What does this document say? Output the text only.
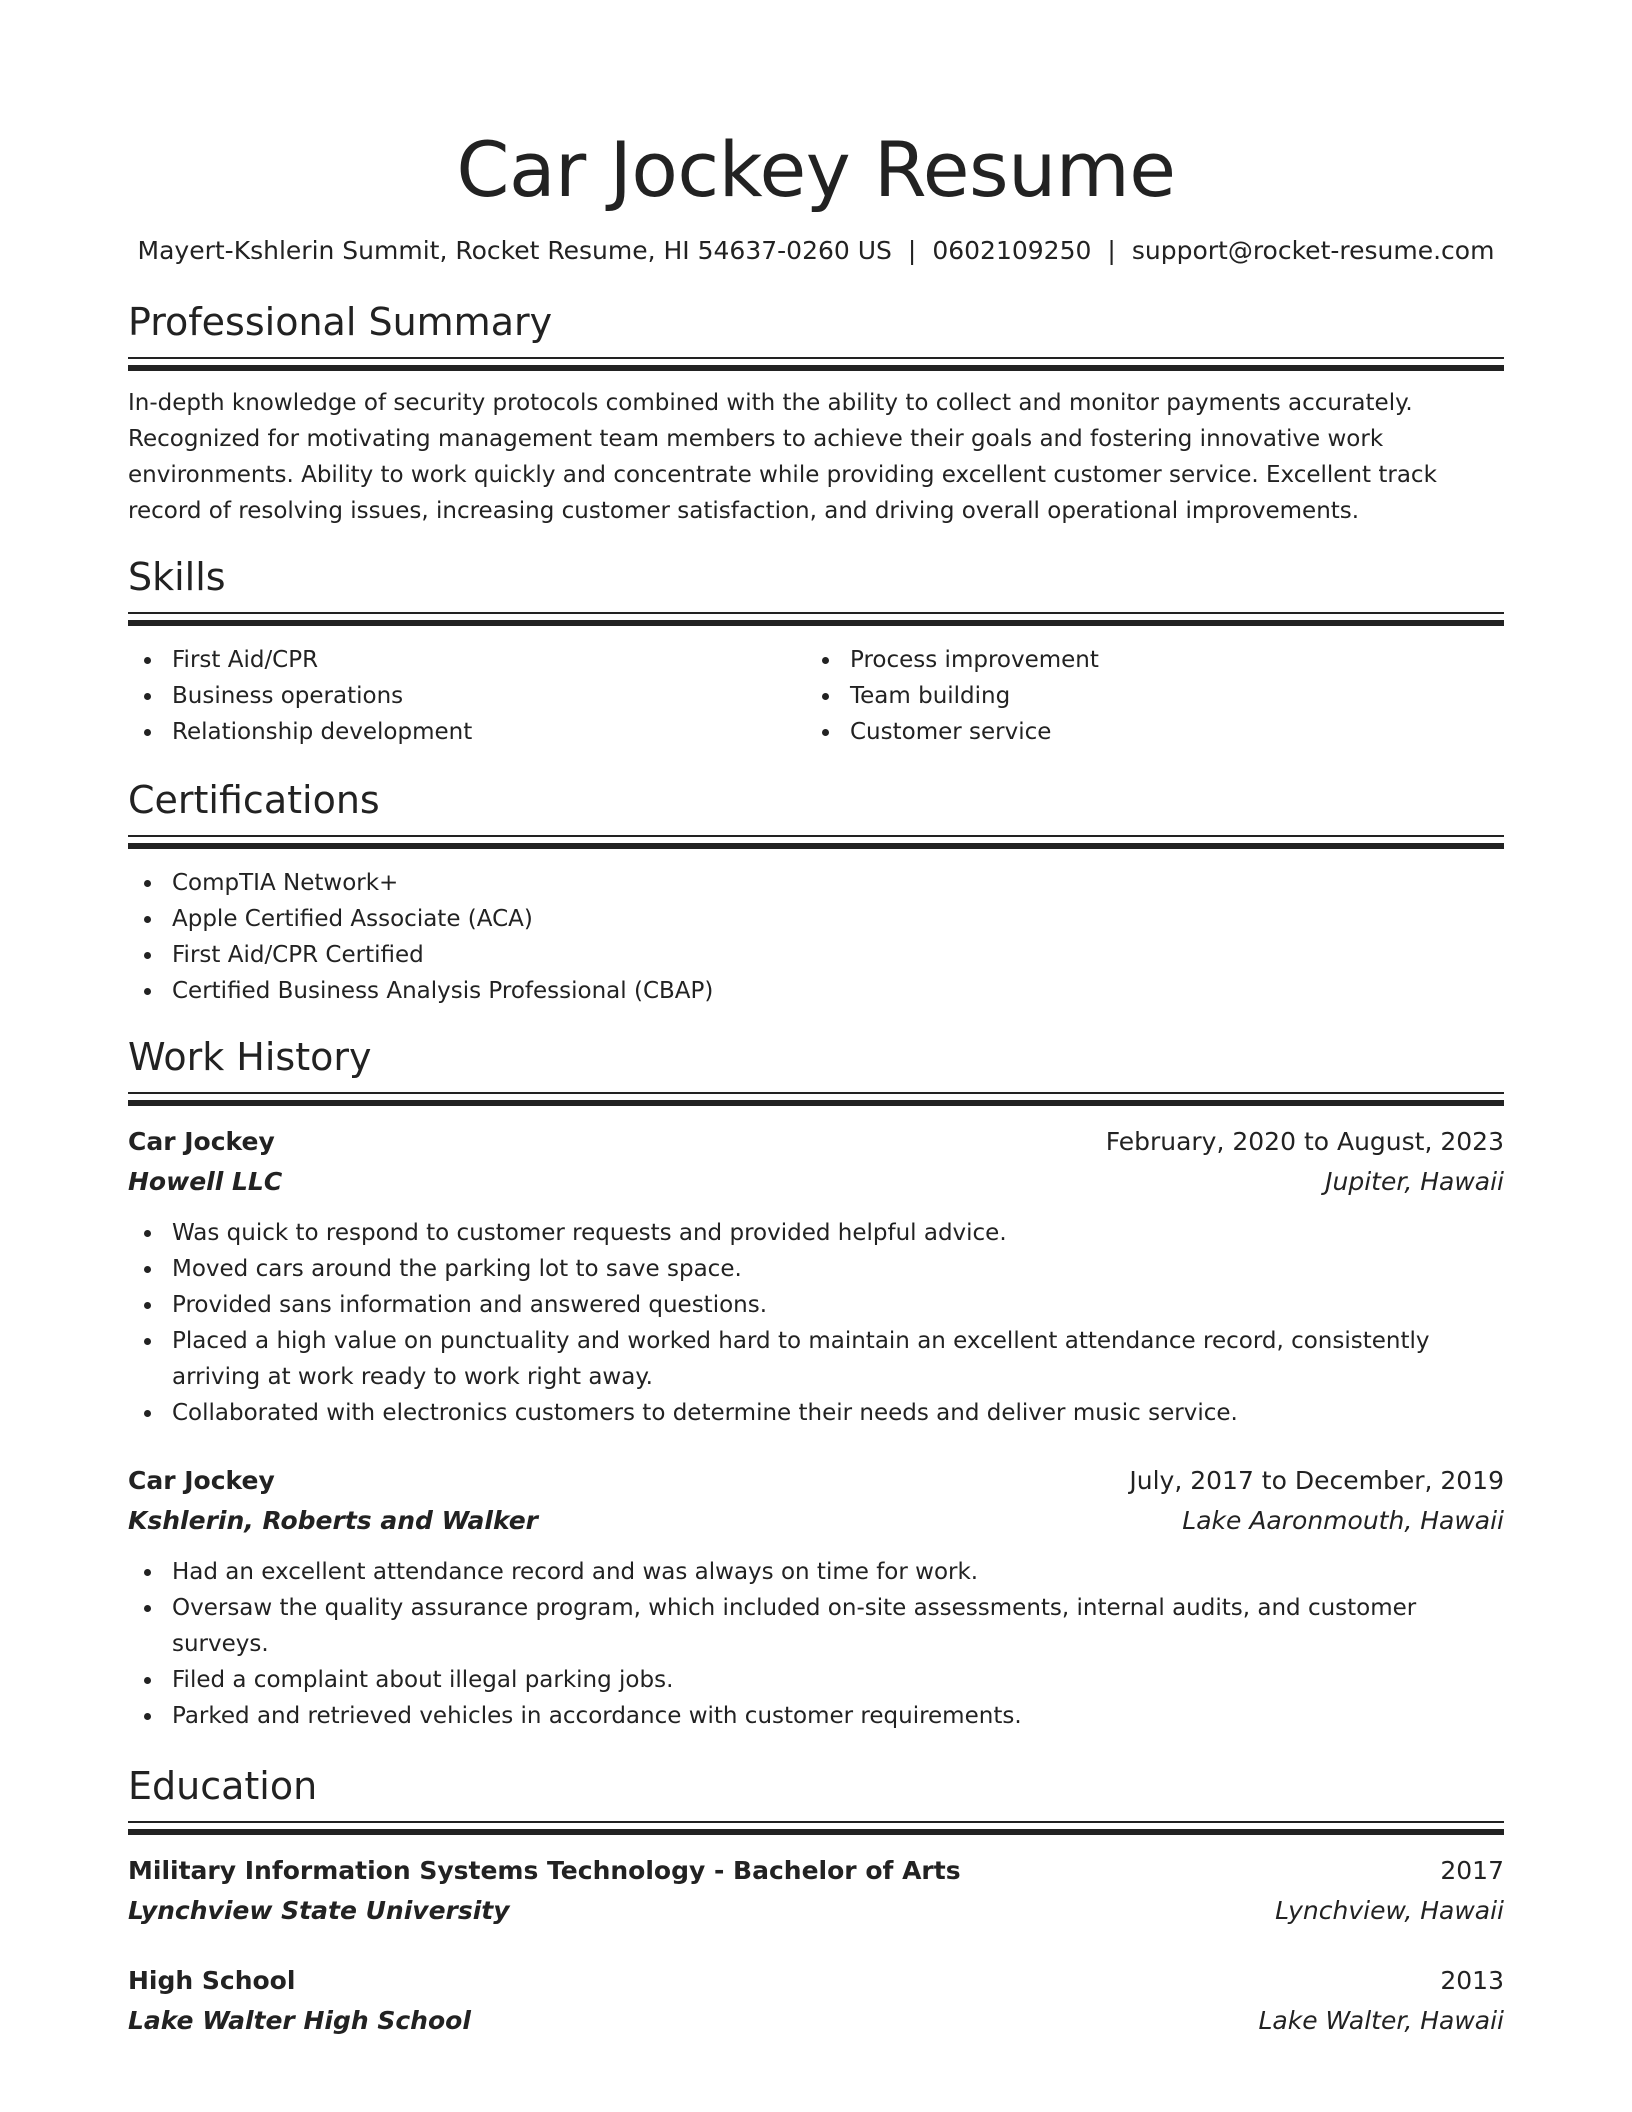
Car Jockey Resume
Mayert-Kshlerin Summit, Rocket Resume, HI 54637-0260 US | 0602109250 | support@rocket-resume.com
Professional Summary
In-depth knowledge of security protocols combined with the ability to collect and monitor payments accurately. Recognized for motivating management team members to achieve their goals and fostering innovative work environments. Ability to work quickly and concentrate while providing excellent customer service. Excellent track record of resolving issues, increasing customer satisfaction, and driving overall operational improvements.
Skills
First Aid/CPR
Business operations
Relationship development
Process improvement
Team building
Customer service
Certifications
CompTIA Network+
Apple Certified Associate (ACA)
First Aid/CPR Certified
Certified Business Analysis Professional (CBAP)
Work History
Car Jockey	February, 2020 to August, 2023
Howell LLC	Jupiter, Hawaii
Was quick to respond to customer requests and provided helpful advice.
Moved cars around the parking lot to save space.
Provided sans information and answered questions.
Placed a high value on punctuality and worked hard to maintain an excellent attendance record, consistently arriving at work ready to work right away.
Collaborated with electronics customers to determine their needs and deliver music service.
Car Jockey	July, 2017 to December, 2019
Kshlerin, Roberts and Walker	Lake Aaronmouth, Hawaii
Had an excellent attendance record and was always on time for work.
Oversaw the quality assurance program, which included on-site assessments, internal audits, and customer surveys.
Filed a complaint about illegal parking jobs.
Parked and retrieved vehicles in accordance with customer requirements.
Education
Military Information Systems Technology - Bachelor of Arts	2017
Lynchview State University	Lynchview, Hawaii
High School	2013
Lake Walter High School	Lake Walter, Hawaii
